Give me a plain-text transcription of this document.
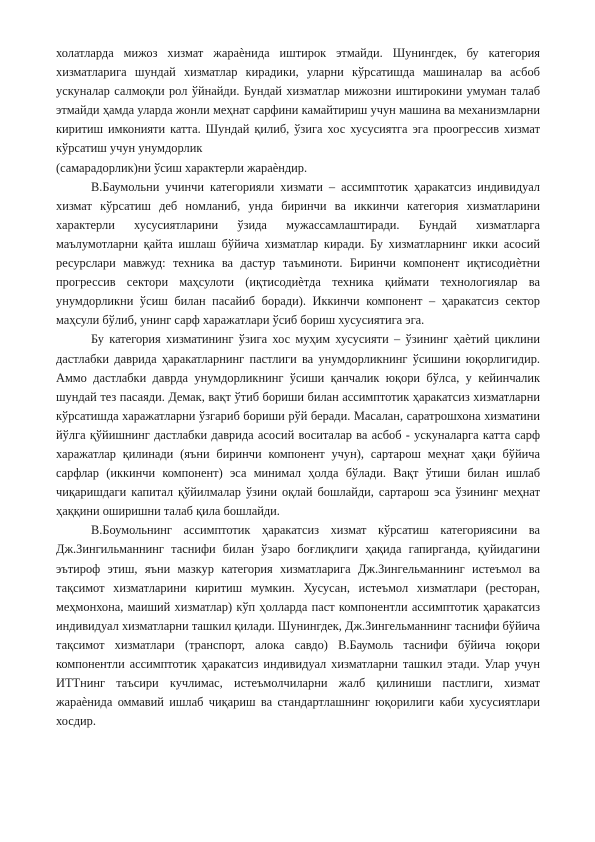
холатларда мижоз хизмат жараѐнида иштирок этмайди. Шунингдек, бу категория хизматларига шундай хизматлар кирадики, уларни кўрсатишда машиналар ва асбоб ускуналар салмоқли рол ўйнайди. Бундай хизматлар мижозни иштирокини умуман талаб этмайди ҳамда уларда жонли меҳнат сарфини камайтириш учун машина ва механизмларни киритиш имконияти катта. Шундай қилиб, ўзига хос хусусиятга эга проогрессив хизмат кўрсатиш учун унумдорлик

(самарадорлик)ни ўсиш характерли жараѐндир.

В.Баумольни учинчи категорияли хизмати – ассимптотик ҳаракатсиз индивидуал хизмат кўрсатиш деб номланиб, унда биринчи ва иккинчи категория хизматларини характерли хусусиятларини ўзида мужассамлаштиради. Бундай хизматларга маълумотларни қайта ишлаш бўйича хизматлар киради. Бу хизматларнинг икки асосий ресурслари мавжуд: техника ва дастур таъминоти. Биринчи компонент иқтисодиѐтни прогрессив сектори маҳсулоти (иқтисодиѐтда техника қиймати технологиялар ва унумдорликни ўсиш билан пасайиб боради). Иккинчи компонент – ҳаракатсиз сектор маҳсули бўлиб, унинг сарф харажатлари ўсиб бориш хусусиятига эга.

Бу категория хизматининг ўзига хос муҳим хусусияти – ўзининг ҳаѐтий циклини дастлабки даврида ҳаракатларнинг пастлиги ва унумдорликнинг ўсишини юқорлигидир. Аммо дастлабки даврда унумдорликнинг ўсиши қанчалик юқори бўлса, у кейинчалик шундай тез пасаяди. Демак, вақт ўтиб бориши билан ассимптотик ҳаракатсиз хизматларни кўрсатишда харажатларни ўзгариб бориши рўй беради. Масалан, саратрошхона хизматини йўлга қўйишнинг дастлабки даврида асосий воситалар ва асбоб - ускуналарга катта сарф харажатлар қилинади (яъни биринчи компонент учун), сартарош меҳнат ҳақи бўйича сарфлар (иккинчи компонент) эса минимал ҳолда бўлади. Вақт ўтиши билан ишлаб чиқаришдаги капитал қўйилмалар ўзини оқлай бошлайди, сартарош эса ўзининг меҳнат ҳаққини оширишни талаб қила бошлайди.

В.Боумольнинг ассимптотик ҳаракатсиз хизмат кўрсатиш категориясини ва Дж.Зингильманнинг таснифи билан ўзаро боғлиқлиги ҳақида гапирганда, қуйидагини эътироф этиш, яъни мазкур категория хизматларига Дж.Зингельманнинг истеъмол ва тақсимот хизматларини киритиш мумкин. Хусусан, истеъмол хизматлари (ресторан, меҳмонхона, маиший хизматлар) кўп ҳолларда паст компонентли ассимптотик ҳаракатсиз индивидуал хизматларни ташкил қилади. Шунингдек, Дж.Зингельманнинг таснифи бўйича тақсимот хизматлари (транспорт, алока савдо) В.Баумоль таснифи бўйича юқори компонентли ассимптотик ҳаракатсиз индивидуал хизматларни ташкил этади. Улар учун ИТТнинг таъсири кучлимас, истеъмолчиларни жалб қилиниши пастлиги, хизмат жараѐнида оммавий ишлаб чиқариш ва стандартлашнинг юқорилиги каби хусусиятлари хосдир.
